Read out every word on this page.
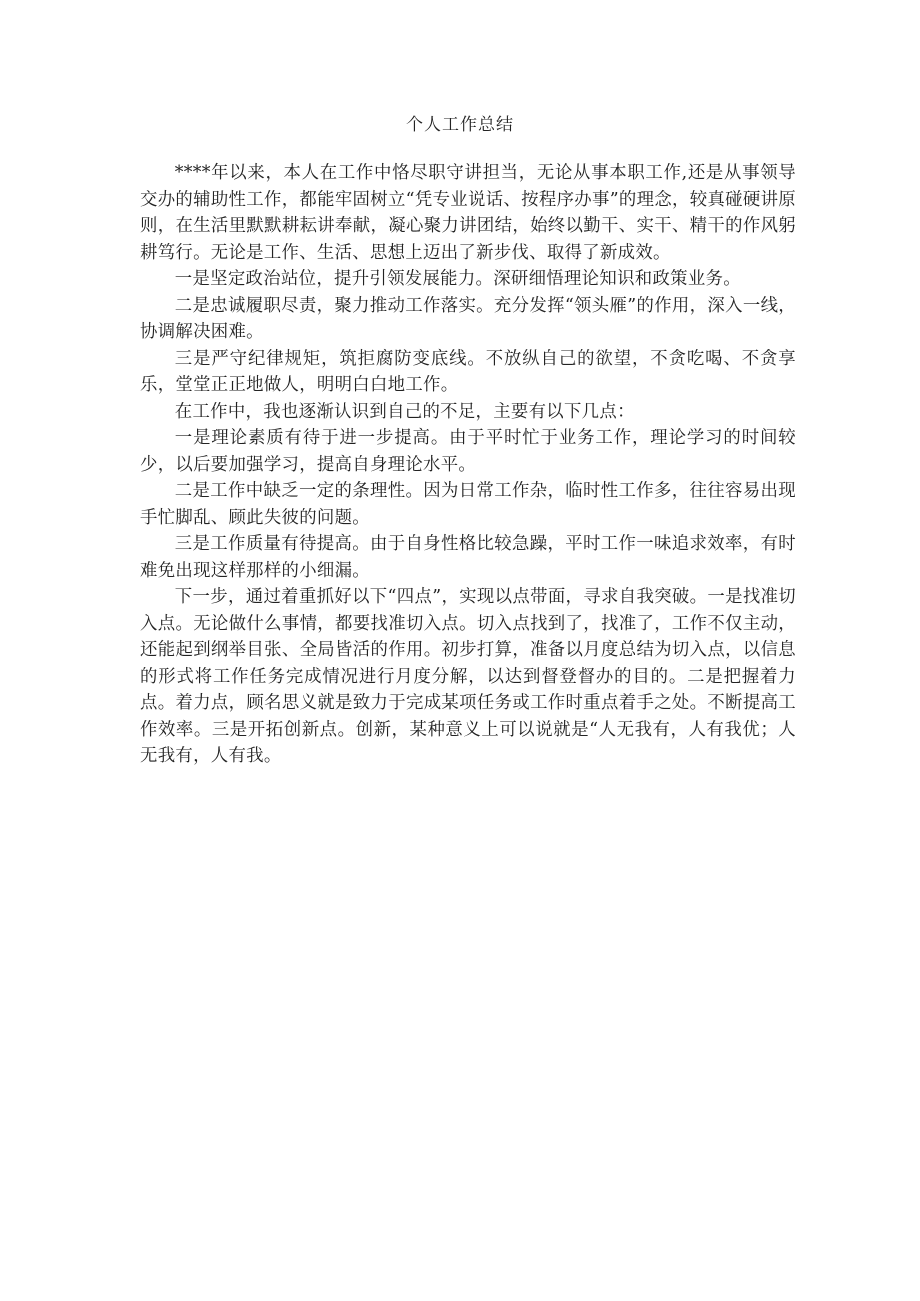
个人工作总结

****年以来，本人在工作中恪尽职守讲担当，无论从事本职工作,还是从事领导交办的辅助性工作，都能牢固树立“凭专业说话、按程序办事”的理念，较真碰硬讲原则，在生活里默默耕耘讲奉献，凝心聚力讲团结，始终以勤干、实干、精干的作风躬耕笃行。无论是工作、生活、思想上迈出了新步伐、取得了新成效。

一是坚定政治站位，提升引领发展能力。深研细悟理论知识和政策业务。

二是忠诚履职尽责，聚力推动工作落实。充分发挥“领头雁”的作用，深入一线，协调解决困难。

三是严守纪律规矩，筑拒腐防变底线。不放纵自己的欲望，不贪吃喝、不贪享乐，堂堂正正地做人，明明白白地工作。

在工作中，我也逐渐认识到自己的不足，主要有以下几点：

一是理论素质有待于进一步提高。由于平时忙于业务工作，理论学习的时间较少，以后要加强学习，提高自身理论水平。

二是工作中缺乏一定的条理性。因为日常工作杂，临时性工作多，往往容易出现手忙脚乱、顾此失彼的问题。

三是工作质量有待提高。由于自身性格比较急躁，平时工作一味追求效率，有时难免出现这样那样的小细漏。

下一步，通过着重抓好以下“四点”，实现以点带面，寻求自我突破。一是找准切入点。无论做什么事情，都要找准切入点。切入点找到了，找准了，工作不仅主动，还能起到纲举目张、全局皆活的作用。初步打算，准备以月度总结为切入点，以信息的形式将工作任务完成情况进行月度分解，以达到督登督办的目的。二是把握着力点。着力点，顾名思义就是致力于完成某项任务或工作时重点着手之处。不断提高工作效率。三是开拓创新点。创新，某种意义上可以说就是“人无我有，人有我优；人无我有，人有我。
